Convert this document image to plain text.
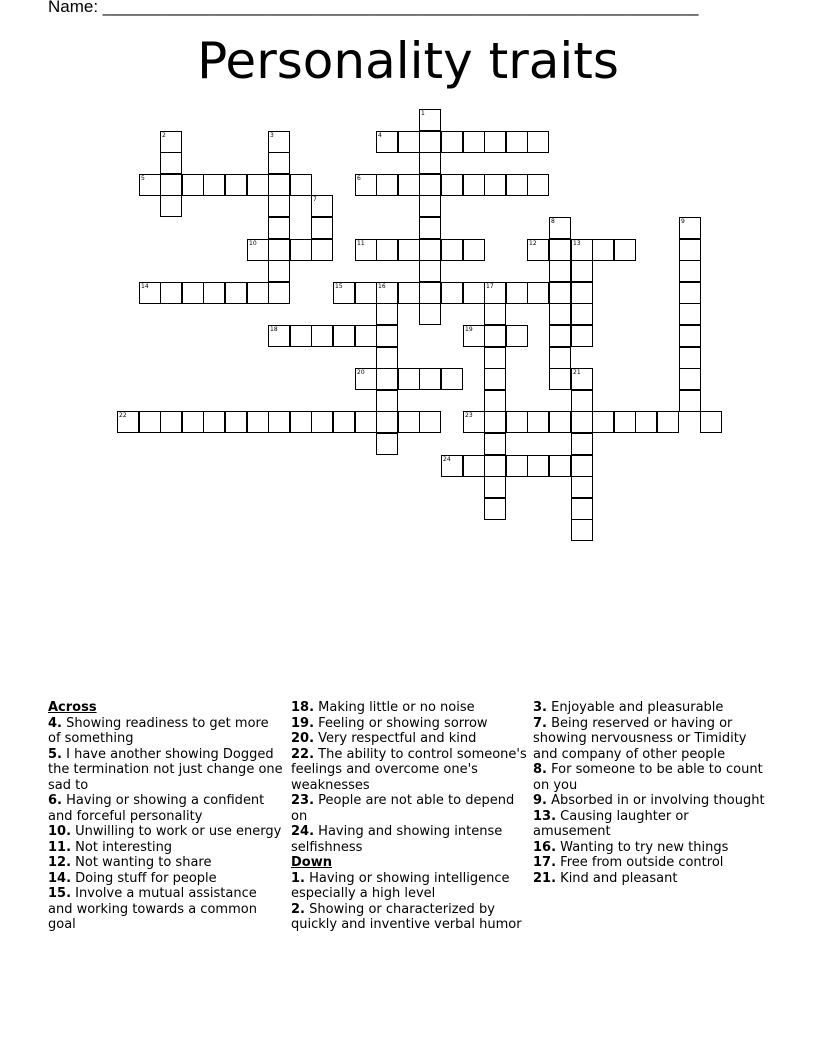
Name: _______________________________________________________________
Personality traits
1
2	3	4
5	6
7
8	9
10	11	12	13
14	15	16	17
18	19
20	21
22	23
24
Across
4. Showing readiness to get more of something
5. I have another showing Dogged the termination not just change one sad to
6. Having or showing a confident and forceful personality
10. Unwilling to work or use energy
11. Not interesting
12. Not wanting to share
14. Doing stuff for people
15. Involve a mutual assistance and working towards a common goal
18. Making little or no noise
19. Feeling or showing sorrow
20. Very respectful and kind
22. The ability to control someone's feelings and overcome one's weaknesses
23. People are not able to depend on
24. Having and showing intense selfishness
Down
1. Having or showing intelligence especially a high level
2. Showing or characterized by quickly and inventive verbal humor
3. Enjoyable and pleasurable
7. Being reserved or having or showing nervousness or Timidity and company of other people
8. For someone to be able to count on you
9. Absorbed in or involving thought
13. Causing laughter or amusement
16. Wanting to try new things
17. Free from outside control
21. Kind and pleasant
